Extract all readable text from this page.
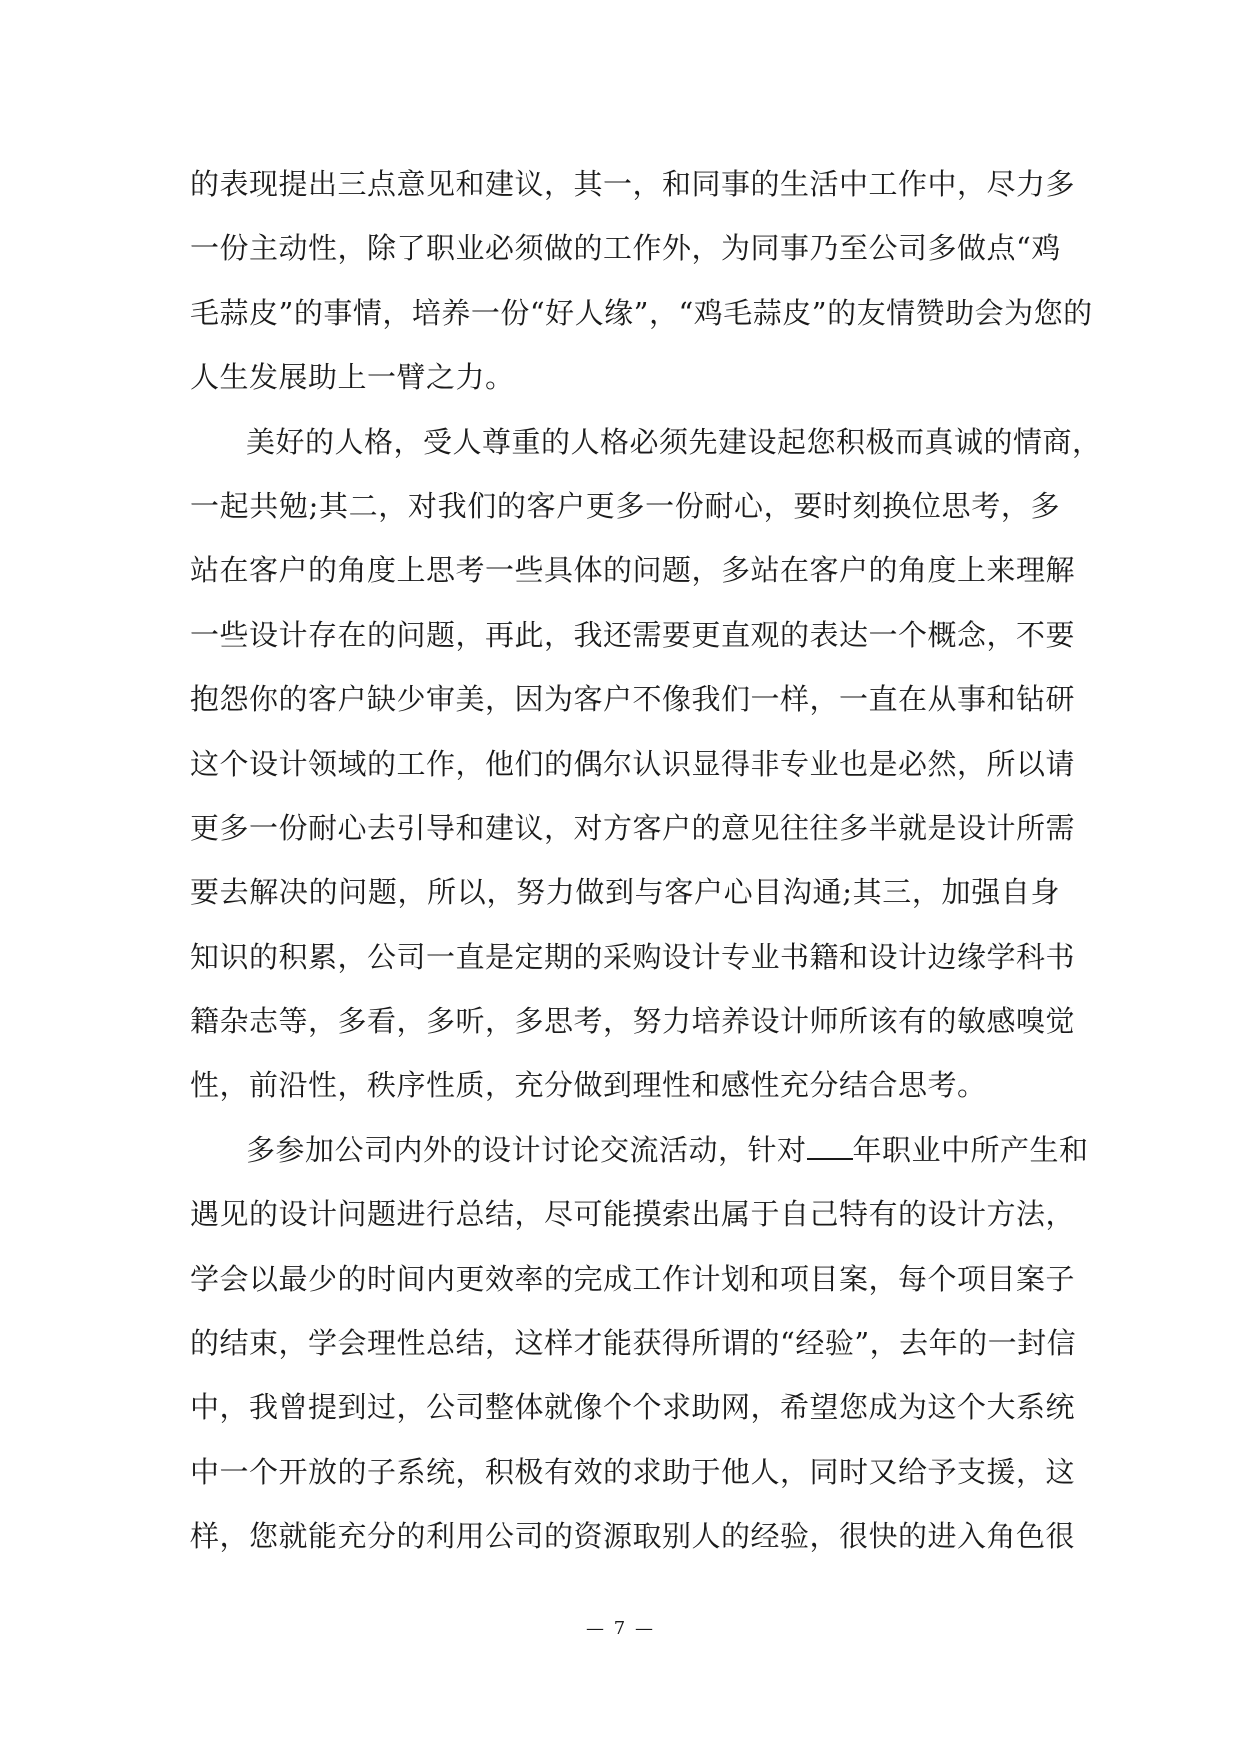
的表现提出三点意见和建议，其一，和同事的生活中工作中，尽力多
一份主动性，除了职业必须做的工作外，为同事乃至公司多做点“鸡
毛蒜皮”的事情，培养一份“好人缘”，“鸡毛蒜皮”的友情赞助会为您的
人生发展助上一臂之力。
美好的人格，受人尊重的人格必须先建设起您积极而真诚的情商，
一起共勉;其二，对我们的客户更多一份耐心，要时刻换位思考，多
站在客户的角度上思考一些具体的问题，多站在客户的角度上来理解
一些设计存在的问题，再此，我还需要更直观的表达一个概念，不要
抱怨你的客户缺少审美，因为客户不像我们一样，一直在从事和钻研
这个设计领域的工作，他们的偶尔认识显得非专业也是必然，所以请
更多一份耐心去引导和建议，对方客户的意见往往多半就是设计所需
要去解决的问题，所以，努力做到与客户心目沟通;其三，加强自身
知识的积累，公司一直是定期的采购设计专业书籍和设计边缘学科书
籍杂志等，多看，多听，多思考，努力培养设计师所该有的敏感嗅觉
性，前沿性，秩序性质，充分做到理性和感性充分结合思考。
多参加公司内外的设计讨论交流活动，针对 年职业中所产生和
遇见的设计问题进行总结，尽可能摸索出属于自己特有的设计方法，
学会以最少的时间内更效率的完成工作计划和项目案，每个项目案子
的结束，学会理性总结，这样才能获得所谓的“经验”，去年的一封信
中，我曾提到过，公司整体就像个个求助网，希望您成为这个大系统
中一个开放的子系统，积极有效的求助于他人，同时又给予支援，这
样，您就能充分的利用公司的资源取别人的经验，很快的进入角色很
— 7 —
